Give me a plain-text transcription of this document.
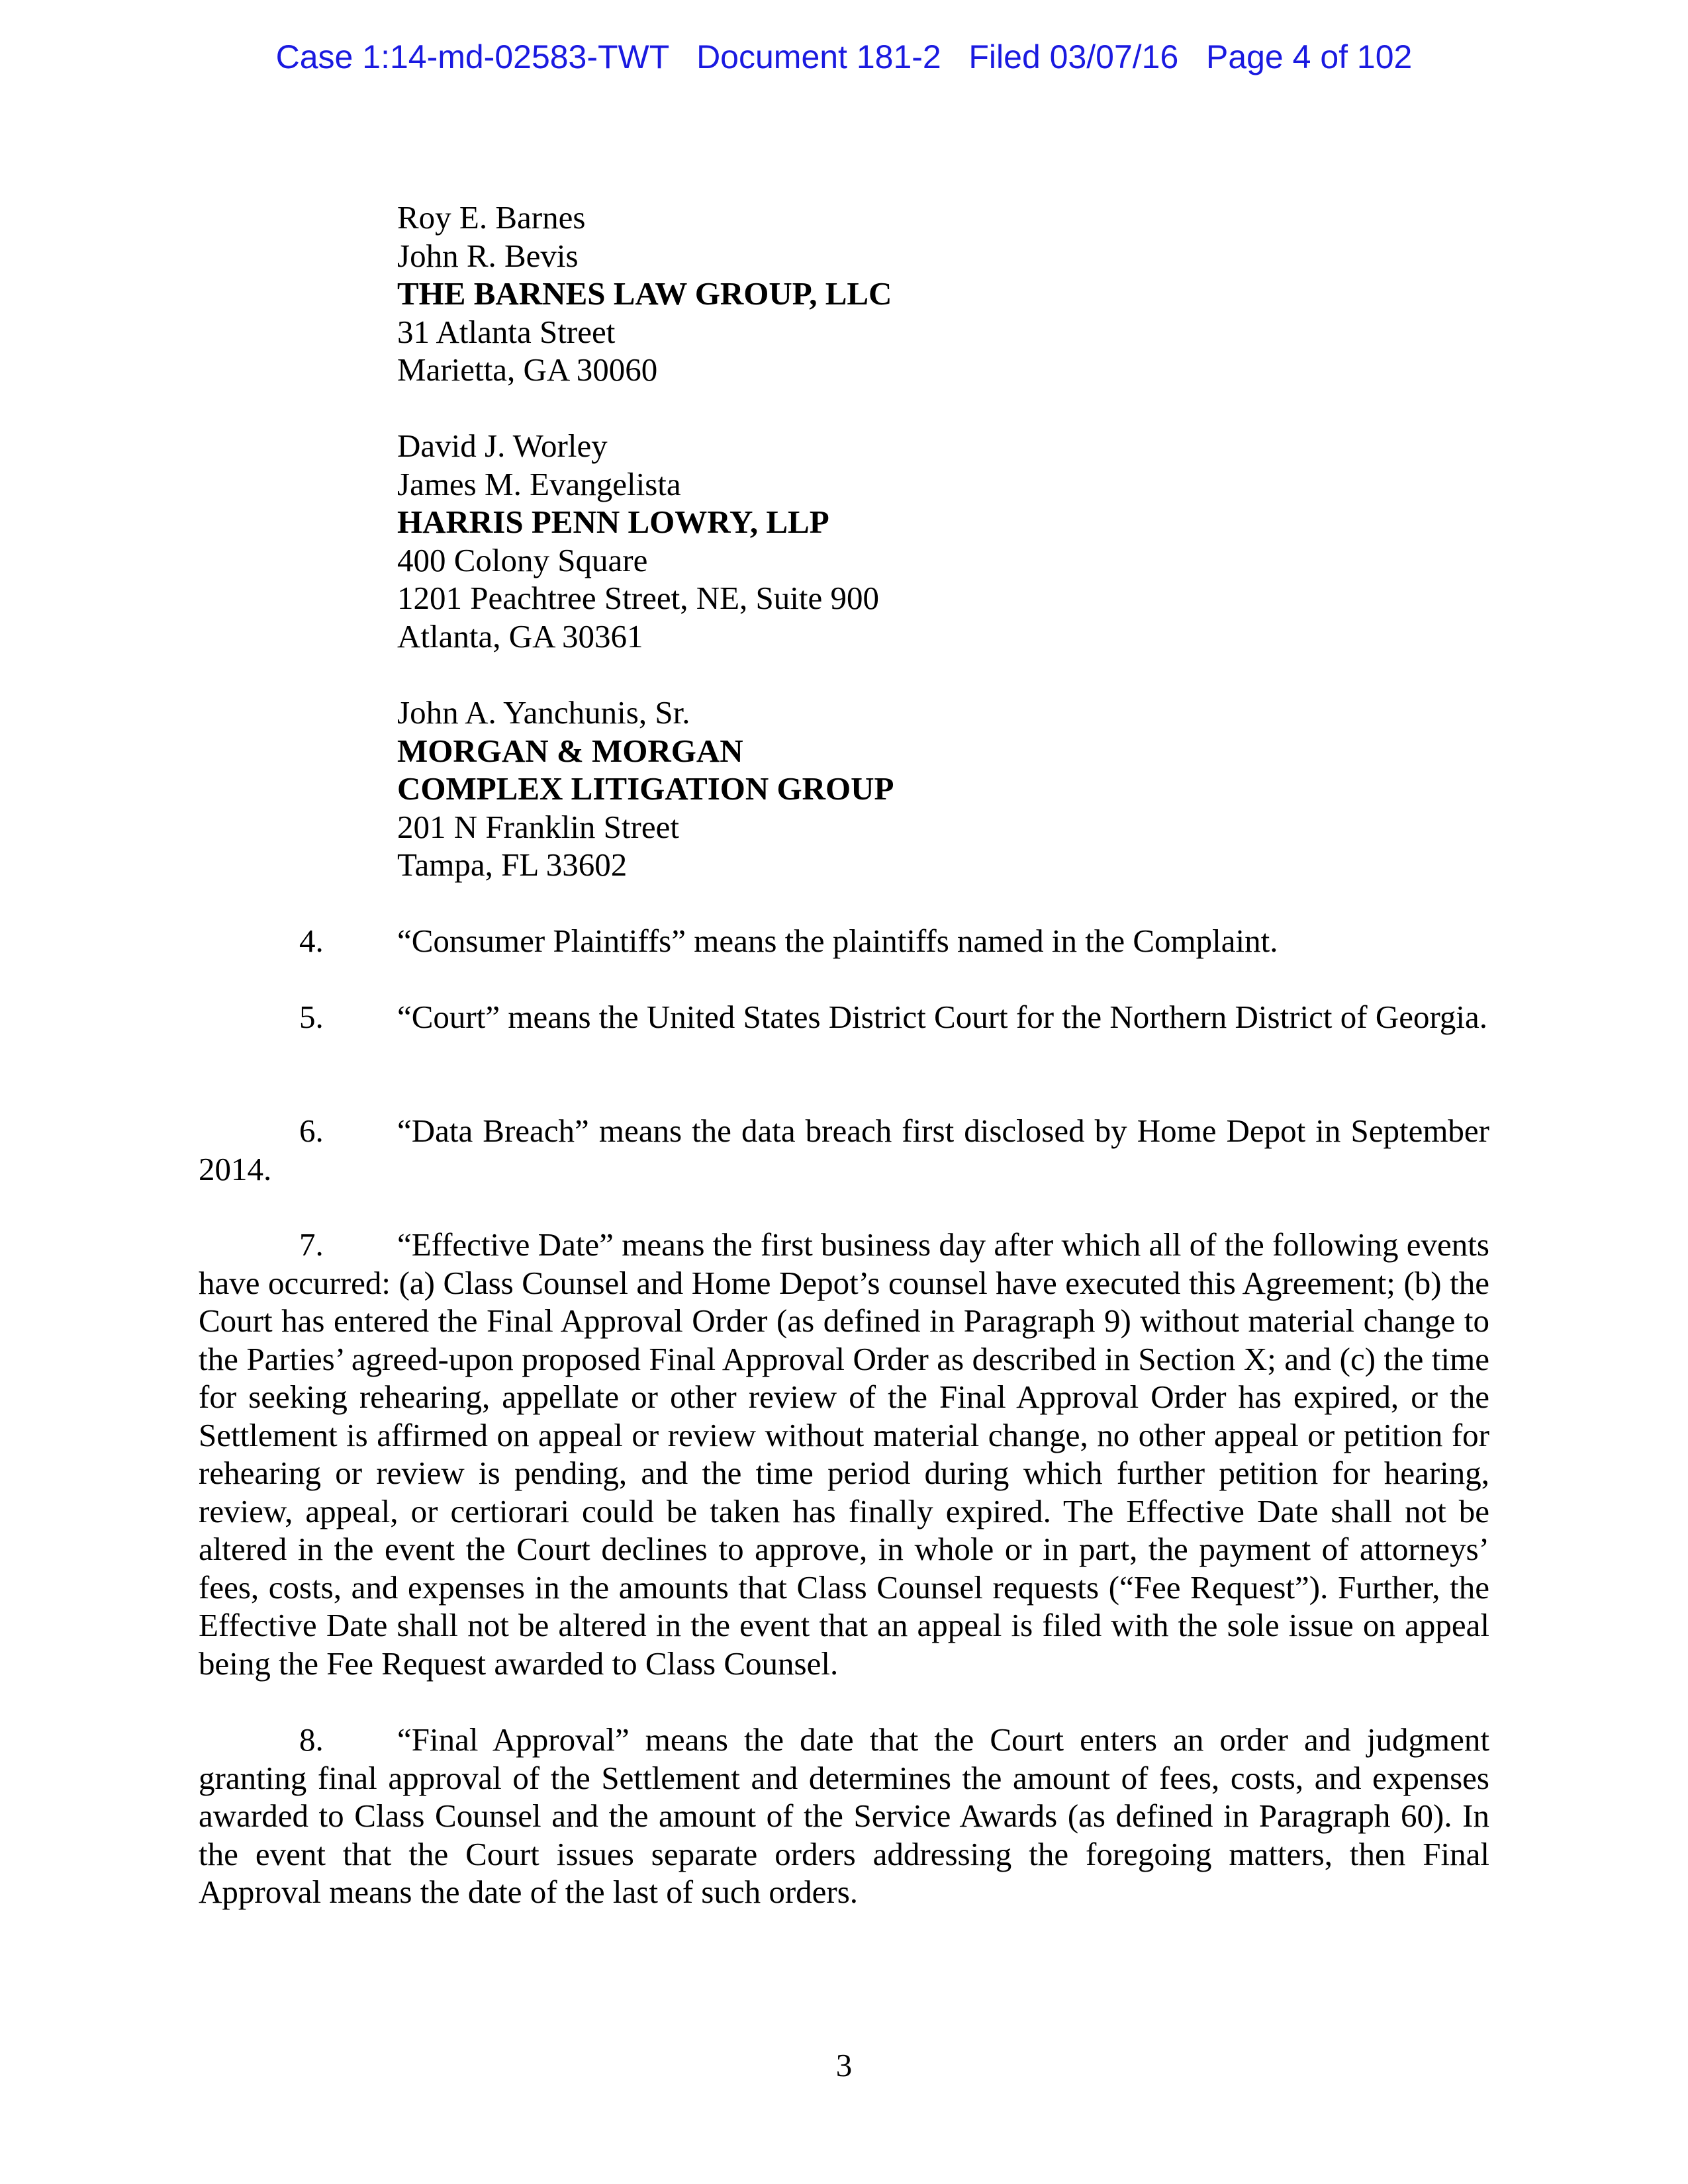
Case 1:14-md-02583-TWT   Document 181-2   Filed 03/07/16   Page 4 of 102
Roy E. Barnes
John R. Bevis
THE BARNES LAW GROUP, LLC
31 Atlanta Street
Marietta, GA 30060
David J. Worley
James M. Evangelista
HARRIS PENN LOWRY, LLP
400 Colony Square
1201 Peachtree Street, NE, Suite 900
Atlanta, GA 30361
John A. Yanchunis, Sr.
MORGAN & MORGAN
COMPLEX LITIGATION GROUP
201 N Franklin Street
Tampa, FL 33602
4. “Consumer Plaintiffs” means the plaintiffs named in the Complaint.
5. “Court” means the United States District Court for the Northern District of Georgia.
6. “Data Breach” means the data breach first disclosed by Home Depot in September 2014.
7. “Effective Date” means the first business day after which all of the following events have occurred: (a) Class Counsel and Home Depot’s counsel have executed this Agreement; (b) the Court has entered the Final Approval Order (as defined in Paragraph 9) without material change to the Parties’ agreed-upon proposed Final Approval Order as described in Section X; and (c) the time for seeking rehearing, appellate or other review of the Final Approval Order has expired, or the Settlement is affirmed on appeal or review without material change, no other appeal or petition for rehearing or review is pending, and the time period during which further petition for hearing, review, appeal, or certiorari could be taken has finally expired. The Effective Date shall not be altered in the event the Court declines to approve, in whole or in part, the payment of attorneys’ fees, costs, and expenses in the amounts that Class Counsel requests (“Fee Request”). Further, the Effective Date shall not be altered in the event that an appeal is filed with the sole issue on appeal being the Fee Request awarded to Class Counsel.
8. “Final Approval” means the date that the Court enters an order and judgment granting final approval of the Settlement and determines the amount of fees, costs, and expenses awarded to Class Counsel and the amount of the Service Awards (as defined in Paragraph 60). In the event that the Court issues separate orders addressing the foregoing matters, then Final Approval means the date of the last of such orders.
3
